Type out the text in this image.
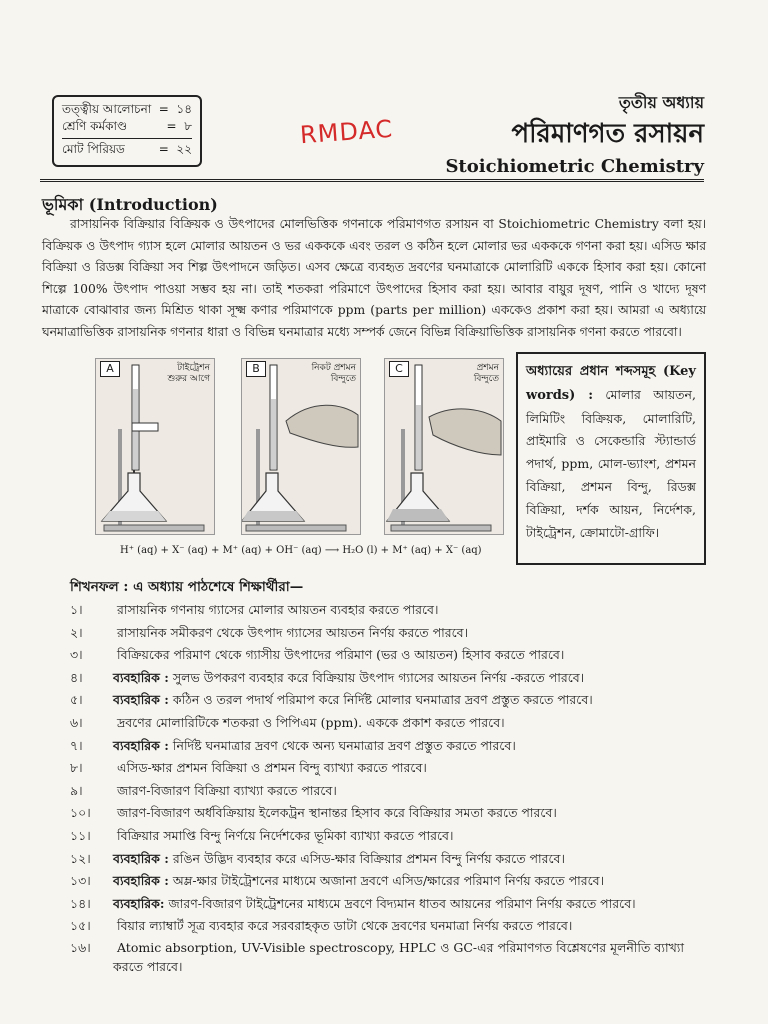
তত্ত্বীয় আলোচনা = ১৪
শ্রেণি কর্মকাণ্ড	= ৮
মোট পিরিয়ড	= ২২	RMDAC
তৃতীয় অধ্যায়
পরিমাণগত রসায়ন
Stoichiometric Chemistry
ভূমিকা (Introduction)
রাসায়নিক বিক্রিয়ার বিক্রিয়ক ও উৎপাদের মোলভিত্তিক গণনাকে পরিমাণগত রসায়ন বা Stoichiometric Chemistry বলা হয়। বিক্রিয়ক ও উৎপাদ গ্যাস হলে মোলার আয়তন ও ভর একককে এবং তরল ও কঠিন হলে মোলার ভর একককে গণনা করা হয়। এসিড ক্ষার বিক্রিয়া ও রিডক্স বিক্রিয়া সব শিল্প উৎপাদনে জড়িত। এসব ক্ষেত্রে ব্যবহৃত দ্রবণের ঘনমাত্রাকে মোলারিটি এককে হিসাব করা হয়। কোনো শিল্পে 100% উৎপাদ পাওয়া সম্ভব হয় না। তাই শতকরা পরিমাণে উৎপাদের হিসাব করা হয়। আবার বায়ুর দূষণ, পানি ও খাদ্যে দূষণ মাত্রাকে বোঝাবার জন্য মিশ্রিত থাকা সূক্ষ্ম কণার পরিমাণকে ppm (parts per million) এককেও প্রকাশ করা হয়। আমরা এ অধ্যায়ে ঘনমাত্রাভিত্তিক রাসায়নিক গণনার ধারা ও বিভিন্ন ঘনমাত্রার মধ্যে সম্পর্ক জেনে বিভিন্ন বিক্রিয়াভিত্তিক রাসায়নিক গণনা করতে পারবো।
A	টাইট্রেশন
শুরুর আগে
B	নিকট প্রশমন
বিন্দুতে
C	প্রশমন
বিন্দুতে
H⁺ (aq) + X⁻ (aq) + M⁺ (aq) + OH⁻ (aq) ⟶ H₂O (l) + M⁺ (aq) + X⁻ (aq)
অধ্যায়ের প্রধান শব্দসমূহ (Key words) : মোলার আয়তন, লিমিটিং বিক্রিয়ক, মোলারিটি, প্রাইমারি ও সেকেন্ডারি স্ট্যান্ডার্ড পদার্থ, ppm, মোল-ভ্যাংশ, প্রশমন বিক্রিয়া, প্রশমন বিন্দু, রিডক্স বিক্রিয়া, দর্শক আয়ন, নির্দেশক, টাইট্রেশন, ক্রোমাটো-গ্রাফি।
শিখনফল : এ অধ্যায় পাঠশেষে শিক্ষার্থীরা—
১।	রাসায়নিক গণনায় গ্যাসের মোলার আয়তন ব্যবহার করতে পারবে।
২।	রাসায়নিক সমীকরণ থেকে উৎপাদ গ্যাসের আয়তন নির্ণয় করতে পারবে।
৩।	বিক্রিয়কের পরিমাণ থেকে গ্যাসীয় উৎপাদের পরিমাণ (ভর ও আয়তন) হিসাব করতে পারবে।
৪।	ব্যবহারিক : সুলভ উপকরণ ব্যবহার করে বিক্রিয়ায় উৎপাদ গ্যাসের আয়তন নির্ণয় -করতে পারবে।
৫।	ব্যবহারিক : কঠিন ও তরল পদার্থ পরিমাপ করে নির্দিষ্ট মোলার ঘনমাত্রার দ্রবণ প্রস্তুত করতে পারবে।
৬।	দ্রবণের মোলারিটিকে শতকরা ও পিপিএম (ppm). এককে প্রকাশ করতে পারবে।
৭।	ব্যবহারিক : নির্দিষ্ট ঘনমাত্রার দ্রবণ থেকে অন্য ঘনমাত্রার দ্রবণ প্রস্তুত করতে পারবে।
৮।	এসিড-ক্ষার প্রশমন বিক্রিয়া ও প্রশমন বিন্দু ব্যাখ্যা করতে পারবে।
৯।	জারণ-বিজারণ বিক্রিয়া ব্যাখ্যা করতে পারবে।
১০।	জারণ-বিজারণ অর্ধবিক্রিয়ায় ইলেকট্রন স্থানান্তর হিসাব করে বিক্রিয়ার সমতা করতে পারবে।
১১।	বিক্রিয়ার সমাপ্তি বিন্দু নির্ণয়ে নির্দেশকের ভূমিকা ব্যাখ্যা করতে পারবে।
১২।	ব্যবহারিক : রঙিন উদ্ভিদ ব্যবহার করে এসিড-ক্ষার বিক্রিয়ার প্রশমন বিন্দু নির্ণয় করতে পারবে।
১৩।	ব্যবহারিক : অম্ল-ক্ষার টাইট্রেশনের মাধ্যমে অজানা দ্রবণে এসিড/ক্ষারের পরিমাণ নির্ণয় করতে পারবে।
১৪।	ব্যবহারিক: জারণ-বিজারণ টাইট্রেশনের মাধ্যমে দ্রবণে বিদ্যমান ধাতব আয়নের পরিমাণ নির্ণয় করতে পারবে।
১৫।	বিয়ার ল্যাম্বার্ট সূত্র ব্যবহার করে সরবরাহকৃত ডাটা থেকে দ্রবণের ঘনমাত্রা নির্ণয় করতে পারবে।
১৬।	Atomic absorption, UV-Visible spectroscopy, HPLC ও GC-এর পরিমাণগত বিশ্লেষণের মূলনীতি ব্যাখ্যা করতে পারবে।
